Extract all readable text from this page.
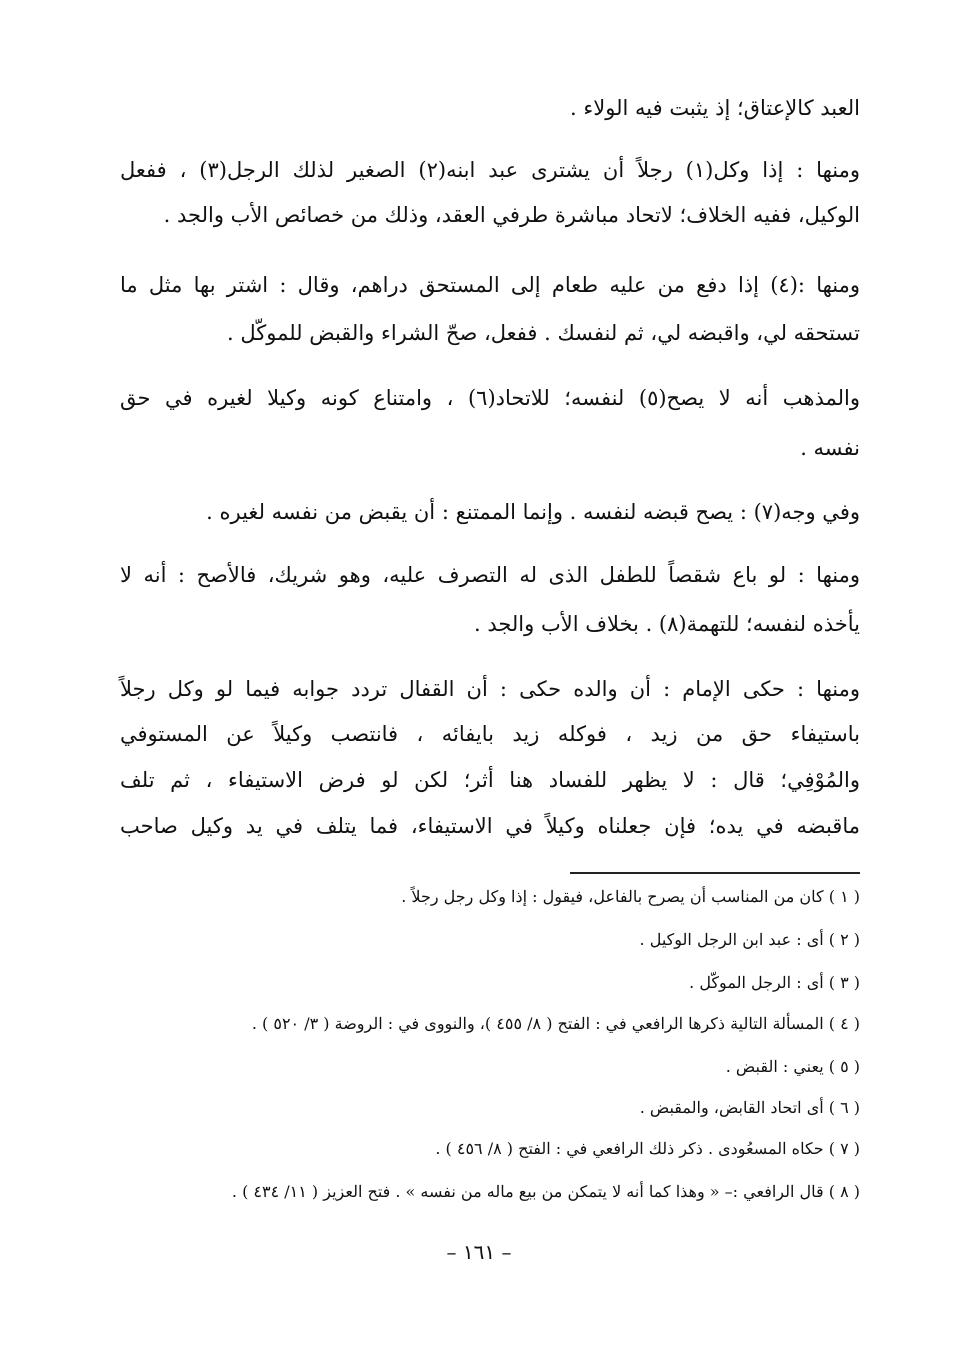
العبد كالإعتاق؛ إذ يثبت فيه الولاء .
ومنها : إذا وكل(١) رجلاً أن يشترى عبد ابنه(٢) الصغير لذلك الرجل(٣) ، ففعل
الوكيل، ففيه الخلاف؛ لاتحاد مباشرة طرفي العقد، وذلك من خصائص الأب والجد .
ومنها :(٤) إذا دفع من عليه طعام إلى المستحق دراهم، وقال : اشتر بها مثل ما
تستحقه لي، واقبضه لي، ثم لنفسك . ففعل، صحّ الشراء والقبض للموكّل .
والمذهب أنه لا يصح(٥) لنفسه؛ للاتحاد(٦) ، وامتناع كونه وكيلا لغيره في حق
نفسه .
وفي وجه(٧) : يصح قبضه لنفسه . وإنما الممتنع : أن يقبض من نفسه لغيره .
ومنها : لو باع شقصاً للطفل الذى له التصرف عليه، وهو شريك، فالأصح : أنه لا
يأخذه لنفسه؛ للتهمة(٨) . بخلاف الأب والجد .
ومنها : حكى الإمام : أن والده حكى : أن القفال تردد جوابه فيما لو وكل رجلاً
باستيفاء حق من زيد ، فوكله زيد بايفائه ، فانتصب وكيلاً عن المستوفي
والمُوْفِي؛ قال : لا يظهر للفساد هنا أثر؛ لكن لو فرض الاستيفاء ، ثم تلف
ماقبضه في يده؛ فإن جعلناه وكيلاً في الاستيفاء، فما يتلف في يد وكيل صاحب
( ١ ) كان من المناسب أن يصرح بالفاعل، فيقول : إذا وكل رجل رجلاً .
( ٢ ) أى : عبد ابن الرجل الوكيل .
( ٣ ) أى : الرجل الموكّل .
( ٤ ) المسألة التالية ذكرها الرافعي في : الفتح ( ٨/ ٤٥٥ )، والنووى في : الروضة ( ٣/ ٥٢٠ ) .
( ٥ ) يعني : القبض .
( ٦ ) أى اتحاد القابض، والمقبض .
( ٧ ) حكاه المسعُودى . ذكر ذلك الرافعي في : الفتح ( ٨/ ٤٥٦ ) .
( ٨ ) قال الرافعي :– « وهذا كما أنه لا يتمكن من بيع ماله من نفسه » . فتح العزيز ( ١١/ ٤٣٤ ) .
– ١٦١ –
